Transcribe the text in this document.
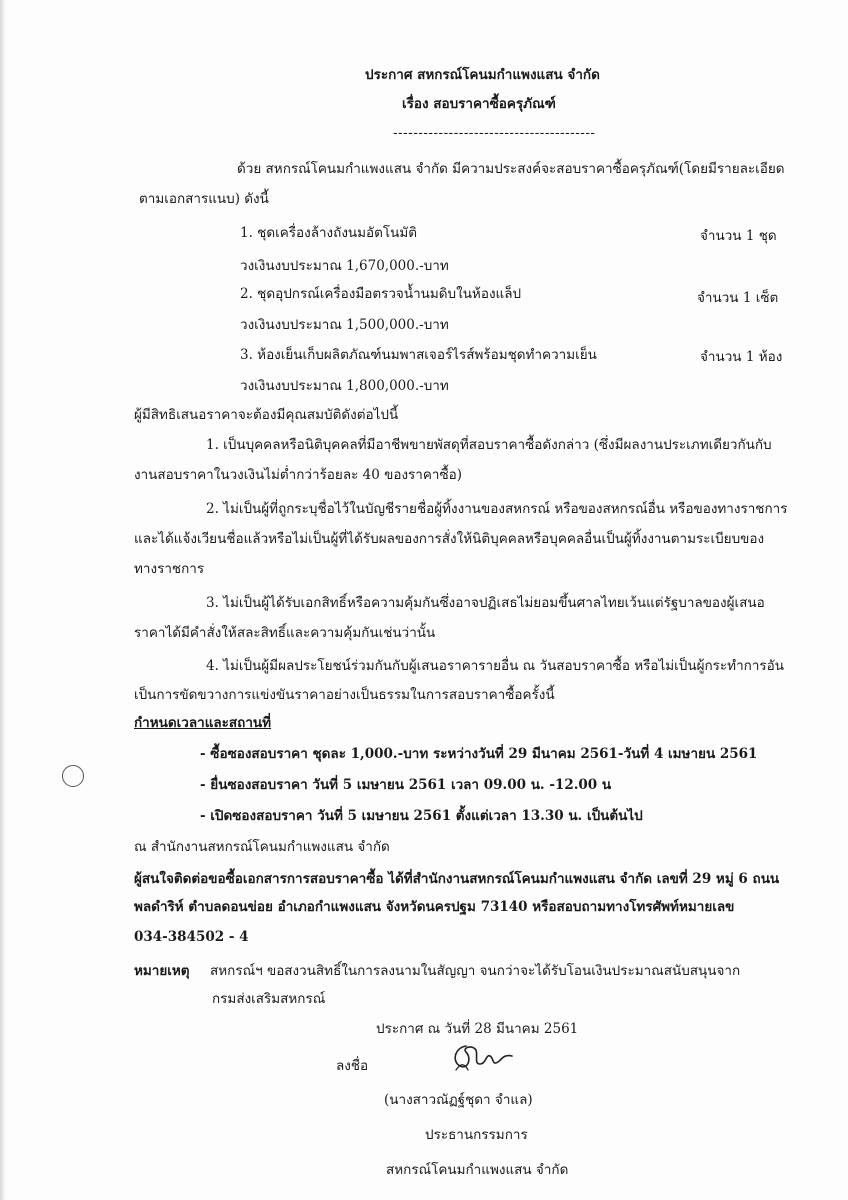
ประกาศ สหกรณ์โคนมกำแพงแสน จำกัด
เรื่อง สอบราคาซื้อครุภัณฑ์
----------------------------------------
ด้วย สหกรณ์โคนมกำแพงแสน จำกัด มีความประสงค์จะสอบราคาซื้อครุภัณฑ์(โดยมีรายละเอียด
ตามเอกสารแนบ) ดังนี้
1. ชุดเครื่องล้างถังนมอัตโนมัติ	จำนวน 1 ชุด
วงเงินงบประมาณ 1,670,000.-บาท
2. ชุดอุปกรณ์เครื่องมือตรวจน้ำนมดิบในห้องแล็ป	จำนวน 1 เซ็ต
วงเงินงบประมาณ 1,500,000.-บาท
3. ห้องเย็นเก็บผลิตภัณฑ์นมพาสเจอร์ไรส์พร้อมชุดทำความเย็น	จำนวน 1 ห้อง
วงเงินงบประมาณ 1,800,000.-บาท
ผู้มีสิทธิเสนอราคาจะต้องมีคุณสมบัติดังต่อไปนี้
1. เป็นบุคคลหรือนิติบุคคลที่มีอาชีพขายพัสดุที่สอบราคาซื้อดังกล่าว (ซึ่งมีผลงานประเภทเดียวกันกับ
งานสอบราคาในวงเงินไม่ต่ำกว่าร้อยละ 40 ของราคาซื้อ)
2. ไม่เป็นผู้ที่ถูกระบุชื่อไว้ในบัญชีรายชื่อผู้ทิ้งงานของสหกรณ์ หรือของสหกรณ์อื่น หรือของทางราชการ
และได้แจ้งเวียนชื่อแล้วหรือไม่เป็นผู้ที่ได้รับผลของการสั่งให้นิติบุคคลหรือบุคคลอื่นเป็นผู้ทิ้งงานตามระเบียบของ
ทางราชการ
3. ไม่เป็นผู้ได้รับเอกสิทธิ์หรือความคุ้มกันซึ่งอาจปฏิเสธไม่ยอมขึ้นศาลไทยเว้นแต่รัฐบาลของผู้เสนอ
ราคาได้มีคำสั่งให้สละสิทธิ์และความคุ้มกันเช่นว่านั้น
4. ไม่เป็นผู้มีผลประโยชน์ร่วมกันกับผู้เสนอราคารายอื่น ณ วันสอบราคาซื้อ หรือไม่เป็นผู้กระทำการอัน
เป็นการขัดขวางการแข่งขันราคาอย่างเป็นธรรมในการสอบราคาซื้อครั้งนี้
กำหนดเวลาและสถานที่
- ซื้อซองสอบราคา ชุดละ 1,000.-บาท ระหว่างวันที่ 29 มีนาคม 2561-วันที่ 4 เมษายน 2561
- ยื่นซองสอบราคา วันที่ 5 เมษายน 2561 เวลา 09.00 น. -12.00 น
- เปิดซองสอบราคา วันที่ 5 เมษายน 2561 ตั้งแต่เวลา 13.30 น. เป็นต้นไป
ณ สำนักงานสหกรณ์โคนมกำแพงแสน จำกัด
ผู้สนใจติดต่อขอซื้อเอกสารการสอบราคาซื้อ ได้ที่สำนักงานสหกรณ์โคนมกำแพงแสน จำกัด เลขที่ 29 หมู่ 6 ถนน
พลดำริห์ ตำบลดอนข่อย อำเภอกำแพงแสน จังหวัดนครปฐม 73140 หรือสอบถามทางโทรศัพท์หมายเลข
034-384502 - 4
หมายเหตุ สหกรณ์ฯ ขอสงวนสิทธิ์ในการลงนามในสัญญา จนกว่าจะได้รับโอนเงินประมาณสนับสนุนจาก
กรมส่งเสริมสหกรณ์
ประกาศ ณ วันที่ 28 มีนาคม 2561
ลงชื่อ
(นางสาวณัฏฐ์ชุดา จำแล)
ประธานกรรมการ
สหกรณ์โคนมกำแพงแสน จำกัด
